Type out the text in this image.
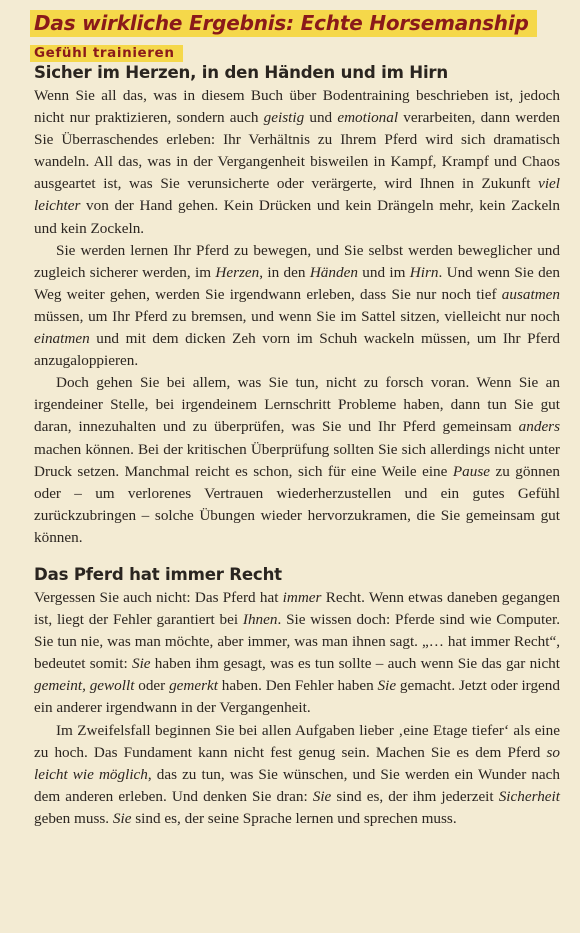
Das wirkliche Ergebnis: Echte Horsemanship
Gefühl trainieren
Sicher im Herzen, in den Händen und im Hirn

Wenn Sie all das, was in diesem Buch über Bodentraining beschrieben ist, jedoch nicht nur praktizieren, sondern auch geistig und emotional verarbeiten, dann werden Sie Überraschendes erleben: Ihr Verhältnis zu Ihrem Pferd wird sich dramatisch wandeln. All das, was in der Vergangenheit bisweilen in Kampf, Krampf und Chaos ausgeartet ist, was Sie verunsicherte oder verärgerte, wird Ihnen in Zukunft viel leichter von der Hand gehen. Kein Drücken und kein Drängeln mehr, kein Zackeln und kein Zockeln.

Sie werden lernen Ihr Pferd zu bewegen, und Sie selbst werden beweglicher und zugleich sicherer werden, im Herzen, in den Händen und im Hirn. Und wenn Sie den Weg weiter gehen, werden Sie irgendwann erleben, dass Sie nur noch tief ausatmen müssen, um Ihr Pferd zu bremsen, und wenn Sie im Sattel sitzen, vielleicht nur noch einatmen und mit dem dicken Zeh vorn im Schuh wackeln müssen, um Ihr Pferd anzugaloppieren.

Doch gehen Sie bei allem, was Sie tun, nicht zu forsch voran. Wenn Sie an irgendeiner Stelle, bei irgendeinem Lernschritt Probleme haben, dann tun Sie gut daran, innezuhalten und zu überprüfen, was Sie und Ihr Pferd gemeinsam anders machen können. Bei der kritischen Überprüfung sollten Sie sich allerdings nicht unter Druck setzen. Manchmal reicht es schon, sich für eine Weile eine Pause zu gönnen oder – um verlorenes Vertrauen wiederherzustellen und ein gutes Gefühl zurückzubringen – solche Übungen wieder hervorzukramen, die Sie gemeinsam gut können.

Das Pferd hat immer Recht

Vergessen Sie auch nicht: Das Pferd hat immer Recht. Wenn etwas daneben gegangen ist, liegt der Fehler garantiert bei Ihnen. Sie wissen doch: Pferde sind wie Computer. Sie tun nie, was man möchte, aber immer, was man ihnen sagt. „… hat immer Recht“, bedeutet somit: Sie haben ihm gesagt, was es tun sollte – auch wenn Sie das gar nicht gemeint, gewollt oder gemerkt haben. Den Fehler haben Sie gemacht. Jetzt oder irgend ein anderer irgendwann in der Vergangenheit.

Im Zweifelsfall beginnen Sie bei allen Aufgaben lieber ‚eine Etage tiefer‘ als eine zu hoch. Das Fundament kann nicht fest genug sein. Machen Sie es dem Pferd so leicht wie möglich, das zu tun, was Sie wünschen, und Sie werden ein Wunder nach dem anderen erleben. Und denken Sie dran: Sie sind es, der ihm jederzeit Sicherheit geben muss. Sie sind es, der seine Sprache lernen und sprechen muss.
